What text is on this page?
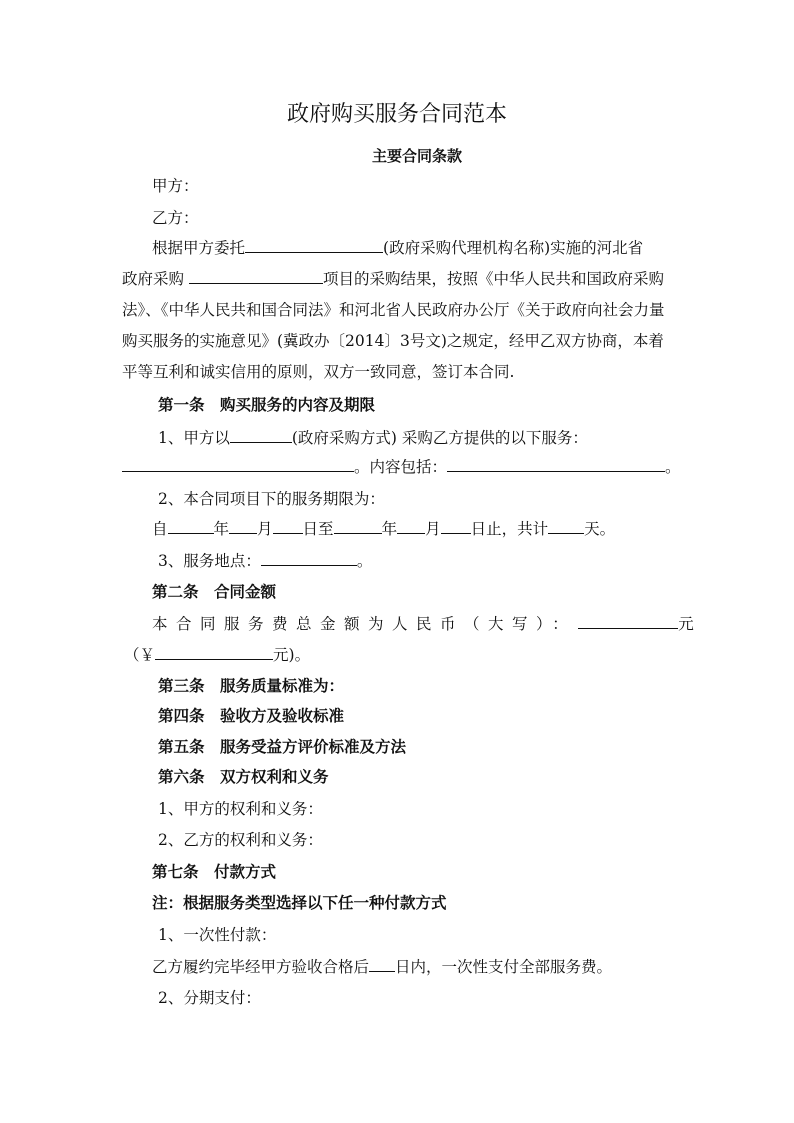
政府购买服务合同范本
主要合同条款
甲方：
乙方：
根据甲方委托	(政府采购代理机构名称)实施的河北省
政府采购	项目的采购结果，按照《中华人民共和国政府采购
法》、《中华人民共和国合同法》和河北省人民政府办公厅《关于政府向社会力量
购买服务的实施意见》(冀政办〔2014〕3号文)之规定，经甲乙双方协商，本着
平等互利和诚实信用的原则，双方一致同意，签订本合同.
第一条　购买服务的内容及期限
1、甲方以	(政府采购方式) 采购乙方提供的以下服务：
。内容包括：	。
2、本合同项目下的服务期限为：
自	年 月 日至	年 月 日止，共计 天。
3、服务地点：	。
第二条　合同金额
本合同服务费总金额为人民币（大写）：	元
（￥	元)。
第三条　服务质量标准为：
第四条　验收方及验收标准
第五条　服务受益方评价标准及方法
第六条　双方权利和义务
1、甲方的权利和义务：
2、乙方的权利和义务：
第七条　付款方式
注：根据服务类型选择以下任一种付款方式
1、一次性付款：
乙方履约完毕经甲方验收合格后 日内，一次性支付全部服务费。
2、分期支付：
